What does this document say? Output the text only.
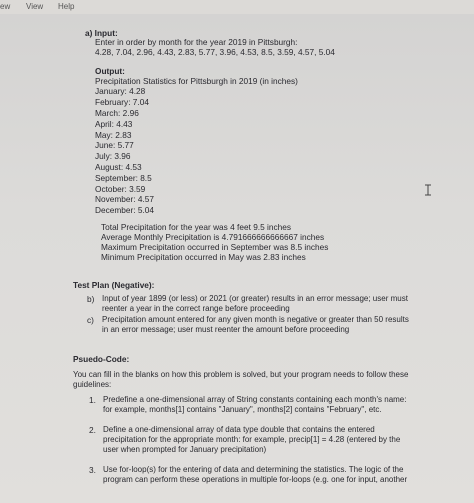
ew View Help
a) Input:
Enter in order by month for the year 2019 in Pittsburgh:
4.28, 7.04, 2.96, 4.43, 2.83, 5.77, 3.96, 4.53, 8.5, 3.59, 4.57, 5.04
Output:
Precipitation Statistics for Pittsburgh in 2019 (in inches)
January: 4.28
February: 7.04
March: 2.96
April: 4.43
May: 2.83
June: 5.77
July: 3.96
August: 4.53
September: 8.5
October: 3.59
November: 4.57
December: 5.04
Total Precipitation for the year was 4 feet 9.5 inches
Average Monthly Precipitation is 4.791666666666667 inches
Maximum Precipitation occurred in September was 8.5 inches
Minimum Precipitation occurred in May was 2.83 inches
Test Plan (Negative):
b) Input of year 1899 (or less) or 2021 (or greater) results in an error message; user must
reenter a year in the correct range before proceeding
c) Precipitation amount entered for any given month is negative or greater than 50 results
in an error message; user must reenter the amount before proceeding
Psuedo-Code:
You can fill in the blanks on how this problem is solved, but your program needs to follow these
guidelines:
1. Predefine a one-dimensional array of String constants containing each month's name:
for example, months[1] contains "January", months[2] contains "February", etc.
2. Define a one-dimensional array of data type double that contains the entered
precipitation for the appropriate month: for example, precip[1] = 4.28 (entered by the
user when prompted for January precipitation)
3. Use for-loop(s) for the entering of data and determining the statistics. The logic of the
program can perform these operations in multiple for-loops (e.g. one for input, another
